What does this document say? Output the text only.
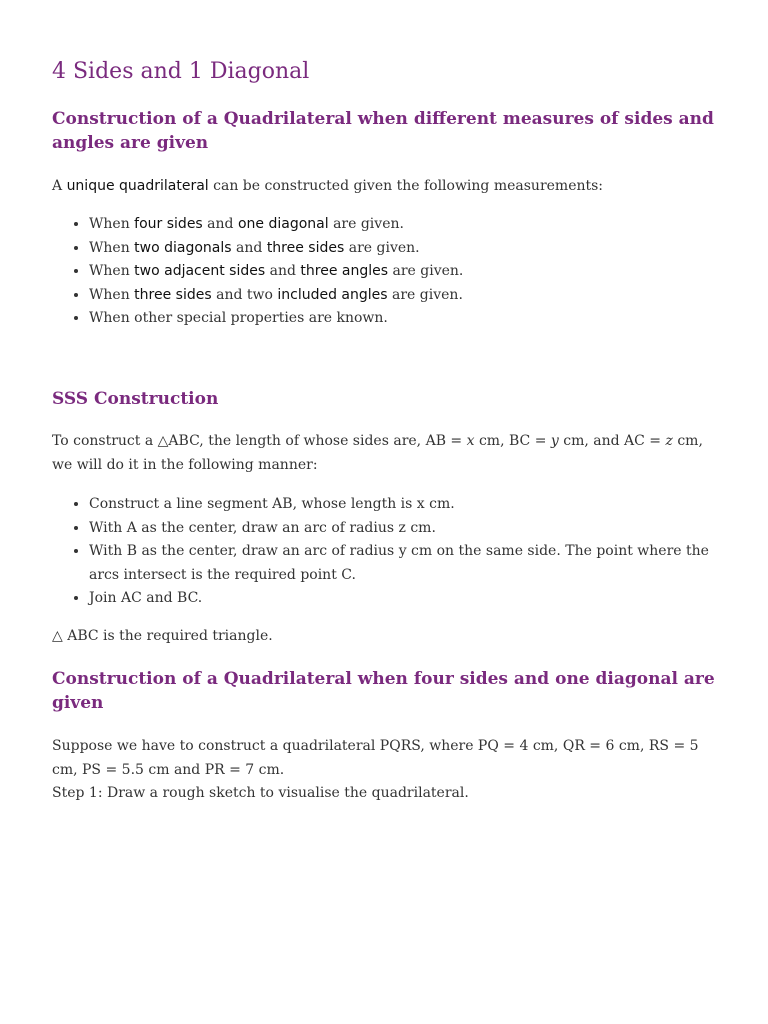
4 Sides and 1 Diagonal
Construction of a Quadrilateral when different measures of sides and angles are given

A unique quadrilateral can be constructed given the following measurements:

• When four sides and one diagonal are given.
• When two diagonals and three sides are given.
• When two adjacent sides and three angles are given.
• When three sides and two included angles are given.
• When other special properties are known.
SSS Construction

To construct a △ABC, the length of whose sides are, AB = x cm, BC = y cm, and AC = z cm, we will do it in the following manner:

• Construct a line segment AB, whose length is x cm.
• With A as the center, draw an arc of radius z cm.
• With B as the center, draw an arc of radius y cm on the same side. The point where the arcs intersect is the required point C.
• Join AC and BC.

△ ABC is the required triangle.

Construction of a Quadrilateral when four sides and one diagonal are given

Suppose we have to construct a quadrilateral PQRS, where PQ = 4 cm, QR = 6 cm, RS = 5 cm, PS = 5.5 cm and PR = 7 cm.

Step 1: Draw a rough sketch to visualise the quadrilateral.
